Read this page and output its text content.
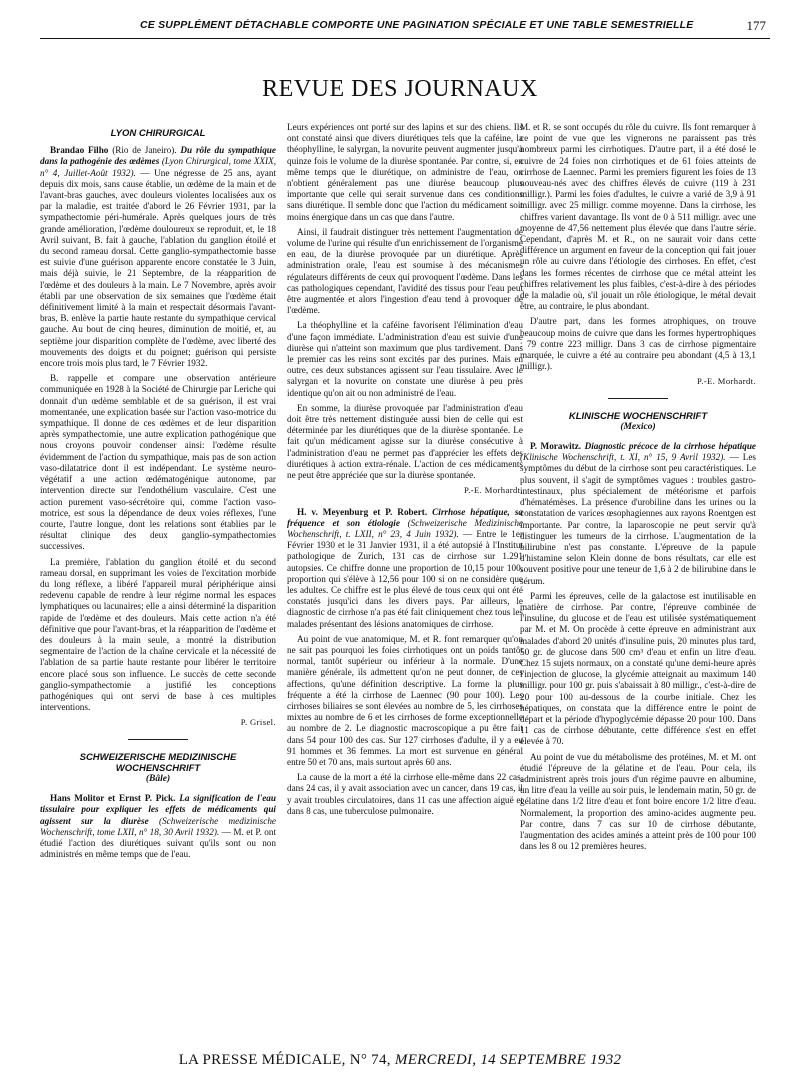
CE SUPPLÉMENT DÉTACHABLE COMPORTE UNE PAGINATION SPÉCIALE ET UNE TABLE SEMESTRIELLE	177
REVUE DES JOURNAUX
LYON CHIRURGICAL

Brandao Filho (Rio de Janeiro). Du rôle du sympathique dans la pathogénie des œdèmes (Lyon Chirurgical, tome XXIX, n° 4, Juillet-Août 1932). — Une négresse de 25 ans, ayant depuis dix mois, sans cause établie, un œdème de la main et de l'avant-bras gauches, avec douleurs violentes localisées aux os par la maladie, est traitée d'abord le 26 Février 1931, par la sympathectomie péri-humérale. Après quelques jours de très grande amélioration, l'œdème douloureux se reproduit, et, le 18 Avril suivant, B. fait à gauche, l'ablation du ganglion étoilé et du second rameau dorsal. Cette ganglio-sympathectomie basse est suivie d'une guérison apparente encore constatée le 3 Juin, mais déjà suivie, le 21 Septembre, de la réapparition de l'œdème et des douleurs à la main. Le 7 Novembre, après avoir établi par une observation de six semaines que l'œdème était définitivement limité à la main et respectait désormais l'avant-bras, B. enlève la partie haute restante du sympathique cervical gauche. Au bout de cinq heures, diminution de moitié, et, au septième jour disparition complète de l'œdème, avec liberté des mouvements des doigts et du poignet; guérison qui persiste encore trois mois plus tard, le 7 Février 1932.

B. rappelle et compare une observation antérieure communiquée en 1928 à la Société de Chirurgie par Leriche qui donnait d'un œdème semblable et de sa guérison, il est vrai momentanée, une explication basée sur l'action vaso-motrice du sympathique. Il donne de ces œdèmes et de leur disparition après sympathectomie, une autre explication pathogénique que nous croyons pouvoir condenser ainsi: l'œdème résulte évidemment de l'action du sympathique, mais pas de son action vaso-dilatatrice dont il est indépendant. Le système neuro-végétatif a une action œdématogénique autonome, par intervention directe sur l'endothélium vasculaire. C'est une action purement vaso-sécrétoire qui, comme l'action vaso-motrice, est sous la dépendance de deux voies réflexes, l'une courte, l'autre longue, dont les relations sont établies par le résultat clinique des deux ganglio-sympathectomies successives.

La première, l'ablation du ganglion étoilé et du second rameau dorsal, en supprimant les voies de l'excitation morbide du long réflexe, a libéré l'appareil mural périphérique ainsi redevenu capable de rendre à leur régime normal les espaces lymphatiques ou lacunaires; elle a ainsi déterminé la disparition rapide de l'œdème et des douleurs. Mais cette action n'a été définitive que pour l'avant-bras, et la réapparition de l'œdème et des douleurs à la main seule, a montré la distribution segmentaire de l'action de la chaîne cervicale et la nécessité de l'ablation de sa partie haute restante pour libérer le territoire encore placé sous son influence. Le succès de cette seconde ganglio-sympathectomie a justifié les conceptions pathogéniques qui ont servi de base à ces multiples interventions.

P. Grisel.
SCHWEIZERISCHE MEDIZINISCHE
WOCHENSCHRIFT
(Bâle)

Hans Molitor et Ernst P. Pick. La signification de l'eau tissulaire pour expliquer les effets de médicaments qui agissent sur la diurèse (Schweizerische medizinische Wochenschrift, tome LXII, n° 18, 30 Avril 1932). — M. et P. ont étudié l'action des diurétiques suivant qu'ils sont ou non administrés en même temps que de l'eau.

Leurs expériences ont porté sur des lapins et sur des chiens. Ils ont constaté ainsi que divers diurétiques tels que la caféine, la théophylline, le salyrgan, la novurite peuvent augmenter jusqu'à quinze fois le volume de la diurèse spontanée. Par contre, si, en même temps que le diurétique, on administre de l'eau, on n'obtient généralement pas une diurèse beaucoup plus importante que celle qui serait survenue dans ces conditions sans diurétique. Il semble donc que l'action du médicament soit moins énergique dans un cas que dans l'autre.

Ainsi, il faudrait distinguer très nettement l'augmentation de volume de l'urine qui résulte d'un enrichissement de l'organisme en eau, de la diurèse provoquée par un diurétique. Après administration orale, l'eau est soumise à des mécanismes régulateurs différents de ceux qui provoquent l'œdème. Dans les cas pathologiques cependant, l'avidité des tissus pour l'eau peut être augmentée et alors l'ingestion d'eau tend à provoquer de l'œdème.

La théophylline et la caféine favorisent l'élimination d'eau d'une façon immédiate. L'administration d'eau est suivie d'une diurèse qui n'atteint son maximum que plus tardivement. Dans le premier cas les reins sont excités par des purines. Mais en outre, ces deux substances agissent sur l'eau tissulaire. Avec le salyrgan et la novurite on constate une diurèse à peu près identique qu'on ait ou non administré de l'eau.

En somme, la diurèse provoquée par l'administration d'eau doit être très nettement distinguée aussi bien de celle qui est déterminée par les diurétiques que de la diurèse spontanée. Le fait qu'un médicament agisse sur la diurèse consécutive à l'administration d'eau ne permet pas d'apprécier les effets des diurétiques à action extra-rénale. L'action de ces médicaments ne peut être appréciée que sur la diurèse spontanée.

P.-E. Morhardt.

H. v. Meyenburg et P. Robert. Cirrhose hépatique, sa fréquence et son étiologie (Schweizerische Medizinische Wochenschrift, t. LXII, n° 23, 4 Juin 1932). — Entre le 1er Février 1930 et le 31 Janvier 1931, il a été autopsié à l'Institut pathologique de Zurich, 131 cas de cirrhose sur 1.291 autopsies. Ce chiffre donne une proportion de 10,15 pour 100, proportion qui s'élève à 12,56 pour 100 si on ne considère que les adultes. Ce chiffre est le plus élevé de tous ceux qui ont été constatés jusqu'ici dans les divers pays. Par ailleurs, le diagnostic de cirrhose n'a pas été fait cliniquement chez tous les malades présentant des lésions anatomiques de cirrhose.

Au point de vue anatomique, M. et R. font remarquer qu'on ne sait pas pourquoi les foies cirrhotiques ont un poids tantôt normal, tantôt supérieur ou inférieur à la normale. D'une manière générale, ils admettent qu'on ne peut donner, de ces affections, qu'une définition descriptive. La forme la plus fréquente a été la cirrhose de Laennec (90 pour 100). Les cirrhoses biliaires se sont élevées au nombre de 5, les cirrhoses mixtes au nombre de 6 et les cirrhoses de forme exceptionnelle au nombre de 2. Le diagnostic macroscopique a pu être fait dans 54 pour 100 des cas. Sur 127 cirrhoses d'adulte, il y a eu 91 hommes et 36 femmes. La mort est survenue en général entre 50 et 70 ans, mais surtout après 60 ans.

La cause de la mort a été la cirrhose elle-même dans 22 cas, dans 24 cas, il y avait association avec un cancer, dans 19 cas, il y avait troubles circulatoires, dans 11 cas une affection aiguë et dans 8 cas, une tuberculose pulmonaire.

M. et R. se sont occupés du rôle du cuivre. Ils font remarquer à ce point de vue que les vignerons ne paraissent pas très nombreux parmi les cirrhotiques. D'autre part, il a été dosé le cuivre de 24 foies non cirrhotiques et de 61 foies atteints de cirrhose de Laennec. Parmi les premiers figurent les foies de 13 nouveau-nés avec des chiffres élevés de cuivre (119 à 231 milligr.). Parmi les foies d'adultes, le cuivre a varié de 3,9 à 91 milligr. avec 25 milligr. comme moyenne. Dans la cirrhose, les chiffres varient davantage. Ils vont de 0 à 511 milligr. avec une moyenne de 47,56 nettement plus élevée que dans l'autre série. Cependant, d'après M. et R., on ne saurait voir dans cette différence un argument en faveur de la conception qui fait jouer un rôle au cuivre dans l'étiologie des cirrhoses. En effet, c'est dans les formes récentes de cirrhose que ce métal atteint les chiffres relativement les plus faibles, c'est-à-dire à des périodes de la maladie où, s'il jouait un rôle étiologique, le métal devait être, au contraire, le plus abondant.

D'autre part, dans les formes atrophiques, on trouve beaucoup moins de cuivre que dans les formes hypertrophiques : 79 contre 223 milligr. Dans 3 cas de cirrhose pigmentaire marquée, le cuivre a été au contraire peu abondant (4,5 à 13,1 milligr.).

P.-E. Morhardt.
KLINISCHE WOCHENSCHRIFT
(Mexico)

P. Morawitz. Diagnostic précoce de la cirrhose hépatique (Klinische Wochenschrift, t. XI, n° 15, 9 Avril 1932). — Les symptômes du début de la cirrhose sont peu caractéristiques. Le plus souvent, il s'agit de symptômes vagues : troubles gastro-intestinaux, plus spécialement de météorisme et parfois d'hématémèses. La présence d'urobiline dans les urines ou la constatation de varices œsophagiennes aux rayons Roentgen est importante. Par contre, la laparoscopie ne peut servir qu'à distinguer les tumeurs de la cirrhose. L'augmentation de la bilirubine n'est pas constante. L'épreuve de la papule d'histamine selon Klein donne de bons résultats, car elle est souvent positive pour une teneur de 1,6 à 2 de bilirubine dans le sérum.

Parmi les épreuves, celle de la galactose est inutilisable en matière de cirrhose. Par contre, l'épreuve combinée de l'insuline, du glucose et de l'eau est utilisée systématiquement par M. et M. On procède à cette épreuve en administrant aux malades d'abord 20 unités d'insuline puis, 20 minutes plus tard, 50 gr. de glucose dans 500 cm³ d'eau et enfin un litre d'eau. Chez 15 sujets normaux, on a constaté qu'une demi-heure après l'injection de glucose, la glycémie atteignait au maximum 140 milligr. pour 100 gr. puis s'abaissait à 80 milligr., c'est-à-dire de 20 pour 100 au-dessous de la courbe initiale. Chez les hépatiques, on constata que la différence entre le point de départ et la période d'hypoglycémie dépasse 20 pour 100. Dans 11 cas de cirrhose débutante, cette différence s'est en effet élevée à 70.

Au point de vue du métabolisme des protéines, M. et M. ont étudié l'épreuve de la gélatine et de l'eau. Pour cela, ils administrent après trois jours d'un régime pauvre en albumine, un litre d'eau la veille au soir puis, le lendemain matin, 50 gr. de gélatine dans 1/2 litre d'eau et font boire encore 1/2 litre d'eau. Normalement, la proportion des amino-acides augmente peu. Par contre, dans 7 cas sur 10 de cirrhose débutante, l'augmentation des acides aminés a atteint près de 100 pour 100 dans les 8 ou 12 premières heures.

LA PRESSE MÉDICALE, N° 74, MERCREDI, 14 SEPTEMBRE 1932
